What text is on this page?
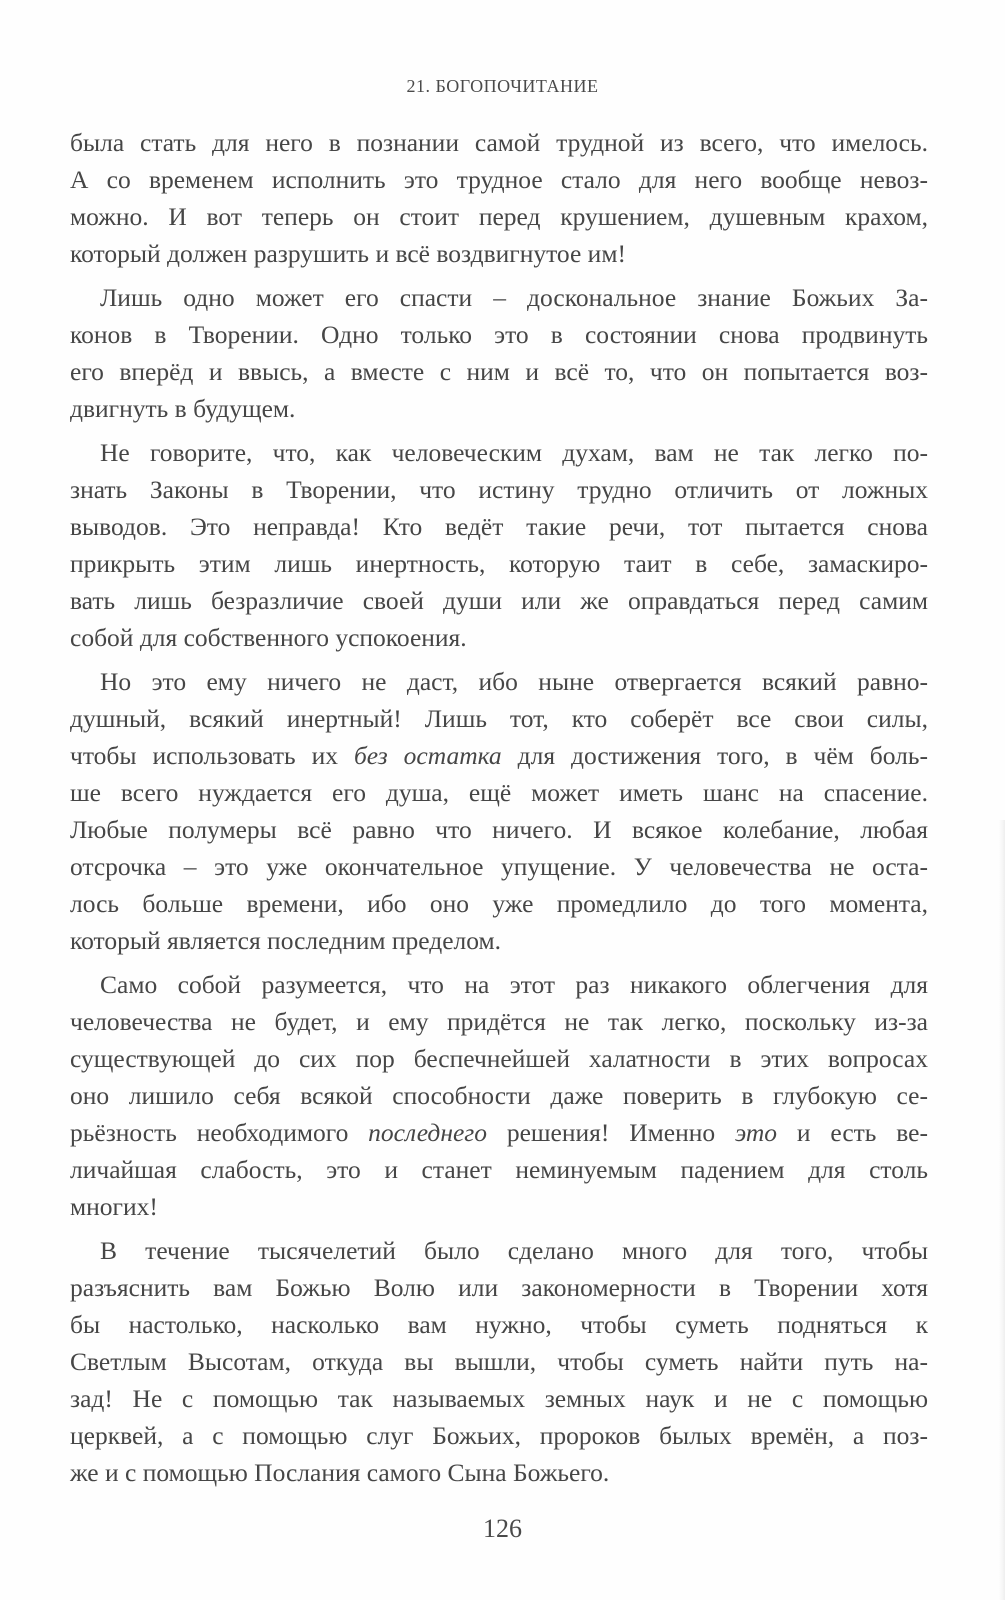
21. БОГОПОЧИТАНИЕ
была стать для него в познании самой трудной из всего, что имелось.
А со временем исполнить это трудное стало для него вообще невоз-
можно. И вот теперь он стоит перед крушением, душевным крахом,
который должен разрушить и всё воздвигнутое им!
Лишь одно может его спасти – доскональное знание Божьих За-
конов в Творении. Одно только это в состоянии снова продвинуть
его вперёд и ввысь, а вместе с ним и всё то, что он попытается воз-
двигнуть в будущем.
Не говорите, что, как человеческим духам, вам не так легко по-
знать Законы в Творении, что истину трудно отличить от ложных
выводов. Это неправда! Кто ведёт такие речи, тот пытается снова
прикрыть этим лишь инертность, которую таит в себе, замаскиро-
вать лишь безразличие своей души или же оправдаться перед самим
собой для собственного успокоения.
Но это ему ничего не даст, ибо ныне отвергается всякий равно-
душный, всякий инертный! Лишь тот, кто соберёт все свои силы,
чтобы использовать их без остатка для достижения того, в чём боль-
ше всего нуждается его душа, ещё может иметь шанс на спасение.
Любые полумеры всё равно что ничего. И всякое колебание, любая
отсрочка – это уже окончательное упущение. У человечества не оста-
лось больше времени, ибо оно уже промедлило до того момента,
который является последним пределом.
Само собой разумеется, что на этот раз никакого облегчения для
человечества не будет, и ему придётся не так легко, поскольку из-за
существующей до сих пор беспечнейшей халатности в этих вопросах
оно лишило себя всякой способности даже поверить в глубокую се-
рьёзность необходимого последнего решения! Именно это и есть ве-
личайшая слабость, это и станет неминуемым падением для столь
многих!
В течение тысячелетий было сделано много для того, чтобы
разъяснить вам Божью Волю или закономерности в Творении хотя
бы настолько, насколько вам нужно, чтобы суметь подняться к
Светлым Высотам, откуда вы вышли, чтобы суметь найти путь на-
зад! Не с помощью так называемых земных наук и не с помощью
церквей, а с помощью слуг Божьих, пророков былых времён, а поз-
же и с помощью Послания самого Сына Божьего.
126
